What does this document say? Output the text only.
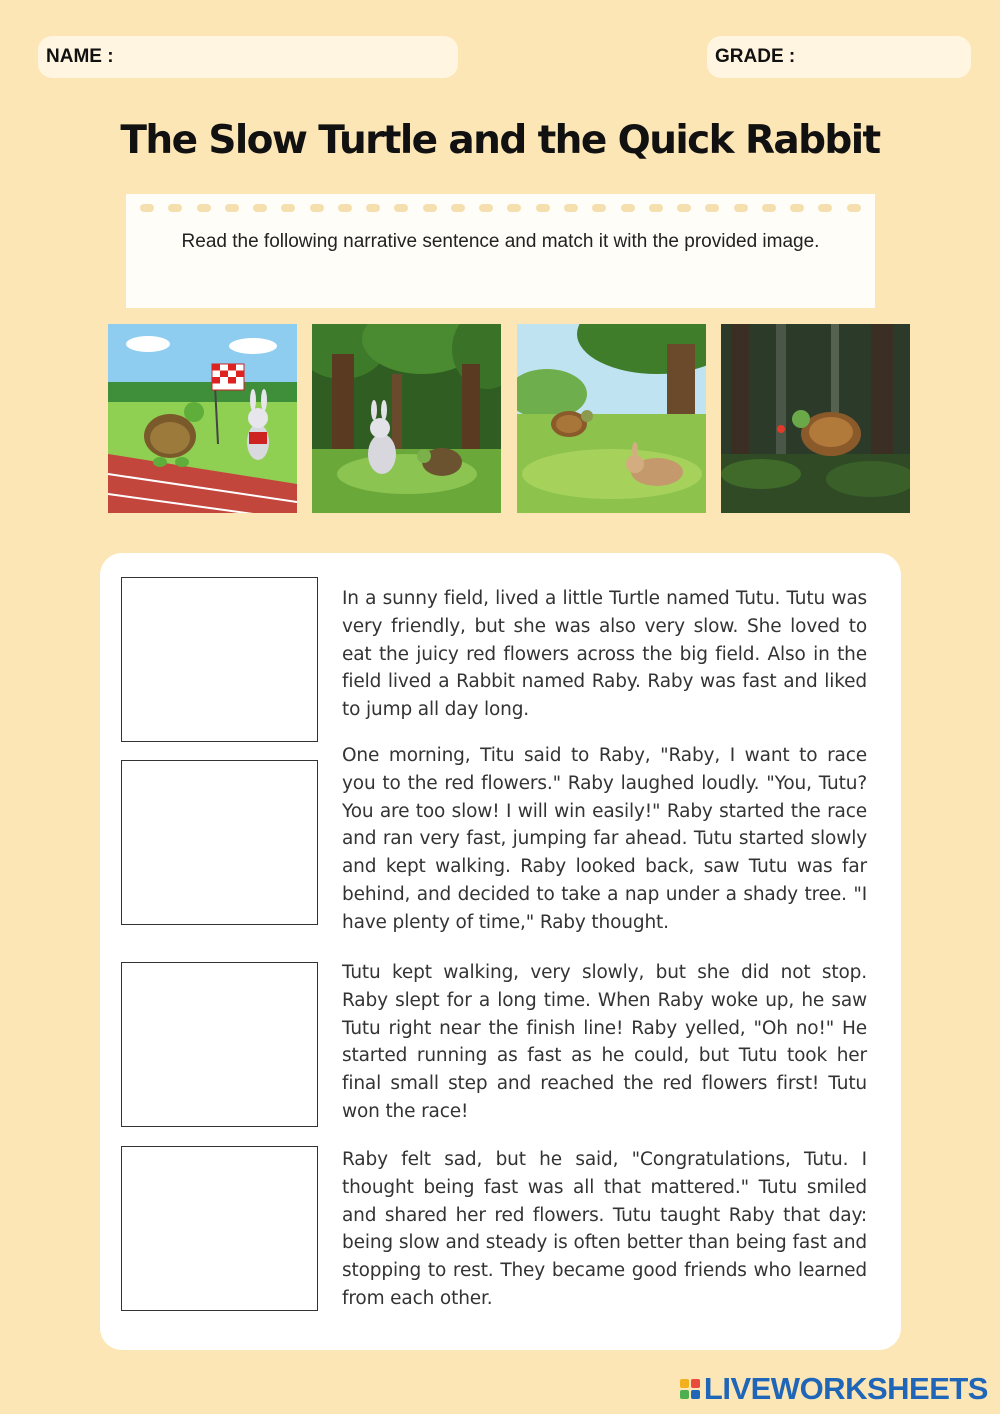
NAME :	GRADE :
The Slow Turtle and the Quick Rabbit
Read the following narrative sentence and match it with the provided image.

In a sunny field, lived a little Turtle named Tutu. Tutu was very friendly, but she was also very slow. She loved to eat the juicy red flowers across the big field. Also in the field lived a Rabbit named Raby. Raby was fast and liked to jump all day long.

One morning, Titu said to Raby, "Raby, I want to race you to the red flowers." Raby laughed loudly. "You, Tutu? You are too slow! I will win easily!" Raby started the race and ran very fast, jumping far ahead. Tutu started slowly and kept walking. Raby looked back, saw Tutu was far behind, and decided to take a nap under a shady tree. "I have plenty of time," Raby thought.

Tutu kept walking, very slowly, but she did not stop. Raby slept for a long time. When Raby woke up, he saw Tutu right near the finish line! Raby yelled, "Oh no!" He started running as fast as he could, but Tutu took her final small step and reached the red flowers first! Tutu won the race!

Raby felt sad, but he said, "Congratulations, Tutu. I thought being fast was all that mattered." Tutu smiled and shared her red flowers. Tutu taught Raby that day: being slow and steady is often better than being fast and stopping to rest. They became good friends who learned from each other.

LIVEWORKSHEETS
